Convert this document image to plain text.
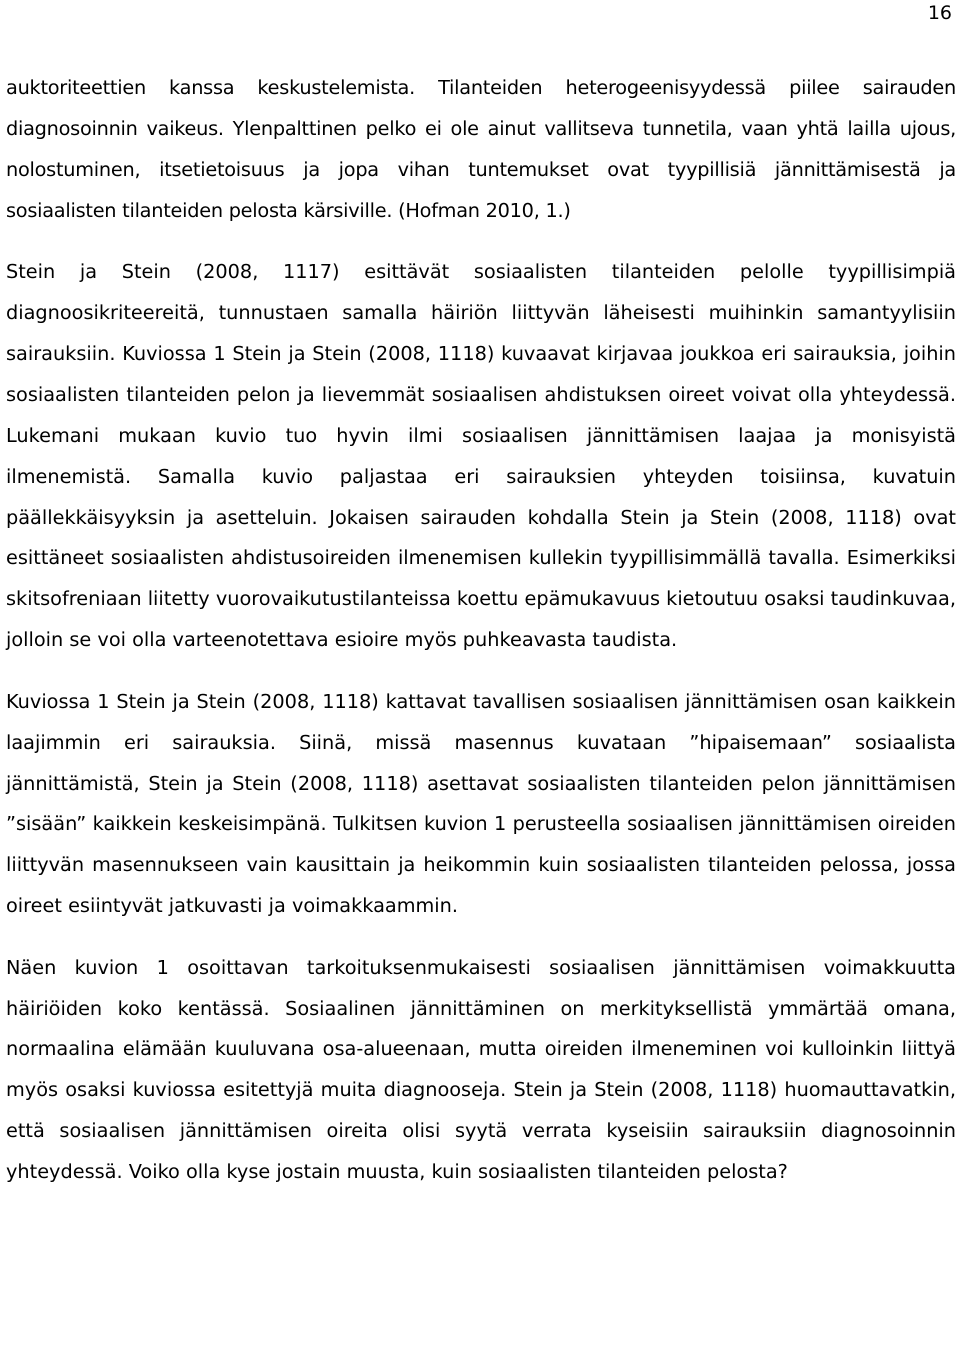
16

auktoriteettien kanssa keskustelemista. Tilanteiden heterogeenisyydessä piilee sairauden diagnosoinnin vaikeus. Ylenpalttinen pelko ei ole ainut vallitseva tunnetila, vaan yhtä lailla ujous, nolostuminen, itsetietoisuus ja jopa vihan tuntemukset ovat tyypillisiä jännittämisestä ja sosiaalisten tilanteiden pelosta kärsiville. (Hofman 2010, 1.)

Stein ja Stein (2008, 1117) esittävät sosiaalisten tilanteiden pelolle tyypillisimpiä diagnoosikriteereitä, tunnustaen samalla häiriön liittyvän läheisesti muihinkin samantyylisiin sairauksiin. Kuviossa 1 Stein ja Stein (2008, 1118) kuvaavat kirjavaa joukkoa eri sairauksia, joihin sosiaalisten tilanteiden pelon ja lievemmät sosiaalisen ahdistuksen oireet voivat olla yhteydessä. Lukemani mukaan kuvio tuo hyvin ilmi sosiaalisen jännittämisen laajaa ja monisyistä ilmenemistä. Samalla kuvio paljastaa eri sairauksien yhteyden toisiinsa, kuvatuin päällekkäisyyksin ja asetteluin. Jokaisen sairauden kohdalla Stein ja Stein (2008, 1118) ovat esittäneet sosiaalisten ahdistusoireiden ilmenemisen kullekin tyypillisimmällä tavalla. Esimerkiksi skitsofreniaan liitetty vuorovaikutustilanteissa koettu epämukavuus kietoutuu osaksi taudinkuvaa, jolloin se voi olla varteenotettava esioire myös puhkeavasta taudista.

Kuviossa 1 Stein ja Stein (2008, 1118) kattavat tavallisen sosiaalisen jännittämisen osan kaikkein laajimmin eri sairauksia. Siinä, missä masennus kuvataan ”hipaisemaan” sosiaalista jännittämistä, Stein ja Stein (2008, 1118) asettavat sosiaalisten tilanteiden pelon jännittämisen ”sisään” kaikkein keskeisimpänä. Tulkitsen kuvion 1 perusteella sosiaalisen jännittämisen oireiden liittyvän masennukseen vain kausittain ja heikommin kuin sosiaalisten tilanteiden pelossa, jossa oireet esiintyvät jatkuvasti ja voimakkaammin.

Näen kuvion 1 osoittavan tarkoituksenmukaisesti sosiaalisen jännittämisen voimakkuutta häiriöiden koko kentässä. Sosiaalinen jännittäminen on merkityksellistä ymmärtää omana, normaalina elämään kuuluvana osa-alueenaan, mutta oireiden ilmeneminen voi kulloinkin liittyä myös osaksi kuviossa esitettyjä muita diagnooseja. Stein ja Stein (2008, 1118) huomauttavatkin, että sosiaalisen jännittämisen oireita olisi syytä verrata kyseisiin sairauksiin diagnosoinnin yhteydessä. Voiko olla kyse jostain muusta, kuin sosiaalisten tilanteiden pelosta?
